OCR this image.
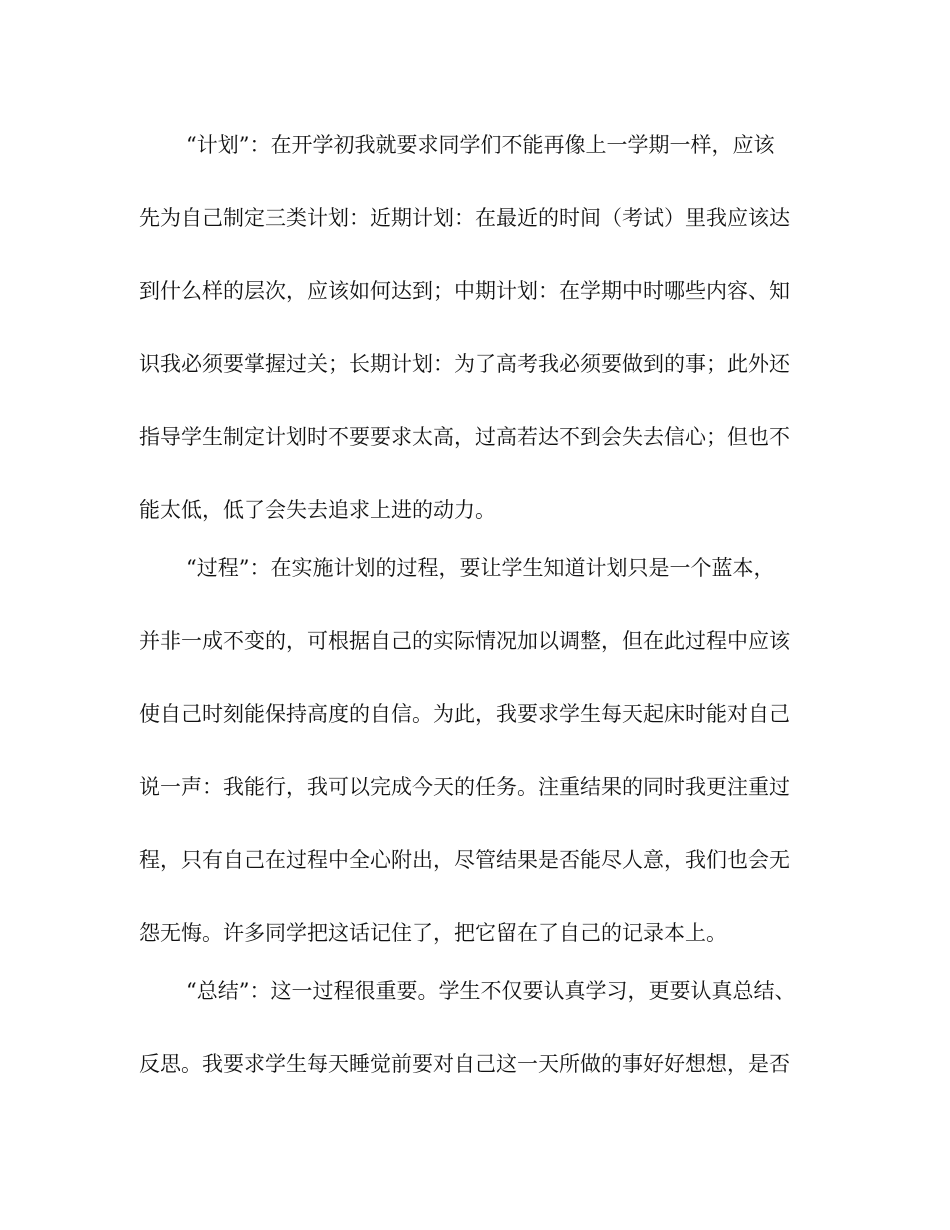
“计划”：在开学初我就要求同学们不能再像上一学期一样，应该
先为自己制定三类计划：近期计划：在最近的时间（考试）里我应该达
到什么样的层次，应该如何达到；中期计划：在学期中时哪些内容、知
识我必须要掌握过关；长期计划：为了高考我必须要做到的事；此外还
指导学生制定计划时不要要求太高，过高若达不到会失去信心；但也不
能太低，低了会失去追求上进的动力。
“过程”：在实施计划的过程，要让学生知道计划只是一个蓝本，
并非一成不变的，可根据自己的实际情况加以调整，但在此过程中应该
使自己时刻能保持高度的自信。为此，我要求学生每天起床时能对自己
说一声：我能行，我可以完成今天的任务。注重结果的同时我更注重过
程，只有自己在过程中全心附出，尽管结果是否能尽人意，我们也会无
怨无悔。许多同学把这话记住了，把它留在了自己的记录本上。
“总结”：这一过程很重要。学生不仅要认真学习，更要认真总结、
反思。我要求学生每天睡觉前要对自己这一天所做的事好好想想，是否
